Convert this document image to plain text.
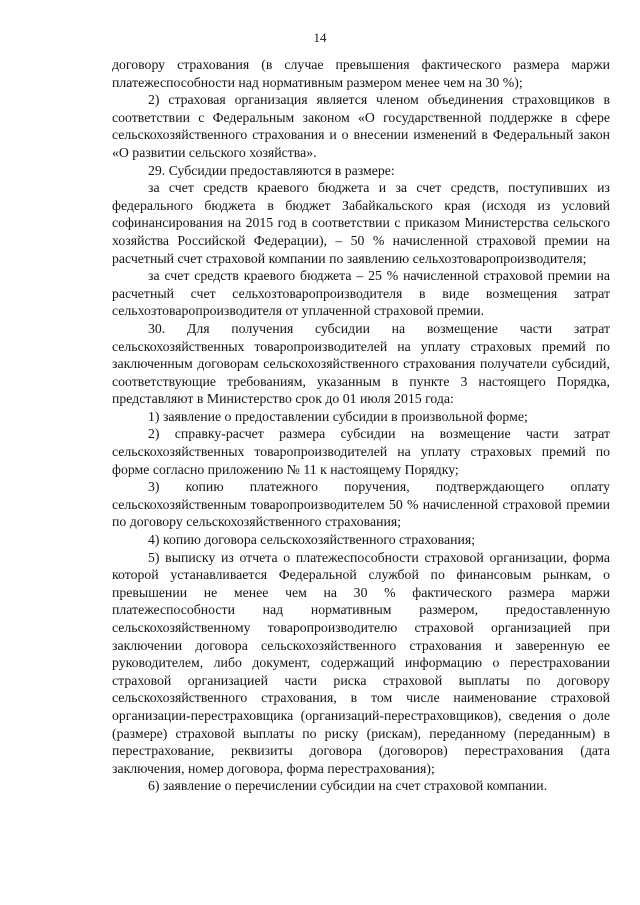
14

договору страхования (в случае превышения фактического размера маржи платежеспособности над нормативным размером менее чем на 30 %);

2) страховая организация является членом объединения страховщиков в соответствии с Федеральным законом «О государственной поддержке в сфере сельскохозяйственного страхования и о внесении изменений в Федеральный закон «О развитии сельского хозяйства».

29. Субсидии предоставляются в размере:

за счет средств краевого бюджета и за счет средств, поступивших из федерального бюджета в бюджет Забайкальского края (исходя из условий софинансирования на 2015 год в соответствии с приказом Министерства сельского хозяйства Российской Федерации), – 50 % начисленной страховой премии на расчетный счет страховой компании по заявлению сельхозтоваропроизводителя;

за счет средств краевого бюджета – 25 % начисленной страховой премии на расчетный счет сельхозтоваропроизводителя в виде возмещения затрат сельхозтоваропроизводителя от уплаченной страховой премии.

30. Для получения субсидии на возмещение части затрат сельскохозяйственных товаропроизводителей на уплату страховых премий по заключенным договорам сельскохозяйственного страхования получатели субсидий, соответствующие требованиям, указанным в пункте 3 настоящего Порядка, представляют в Министерство срок до 01 июля 2015 года:

1) заявление о предоставлении субсидии в произвольной форме;

2) справку-расчет размера субсидии на возмещение части затрат сельскохозяйственных товаропроизводителей на уплату страховых премий по форме согласно приложению № 11 к настоящему Порядку;

3) копию платежного поручения, подтверждающего оплату сельскохозяйственным товаропроизводителем 50 % начисленной страховой премии по договору сельскохозяйственного страхования;

4) копию договора сельскохозяйственного страхования;

5) выписку из отчета о платежеспособности страховой организации, форма которой устанавливается Федеральной службой по финансовым рынкам, о превышении не менее чем на 30 % фактического размера маржи платежеспособности над нормативным размером, предоставленную сельскохозяйственному товаропроизводителю страховой организацией при заключении договора сельскохозяйственного страхования и заверенную ее руководителем, либо документ, содержащий информацию о перестраховании страховой организацией части риска страховой выплаты по договору сельскохозяйственного страхования, в том числе наименование страховой организации-перестраховщика (организаций-перестраховщиков), сведения о доле (размере) страховой выплаты по риску (рискам), переданному (переданным) в перестрахование, реквизиты договора (договоров) перестрахования (дата заключения, номер договора, форма перестрахования);

6) заявление о перечислении субсидии на счет страховой компании.
